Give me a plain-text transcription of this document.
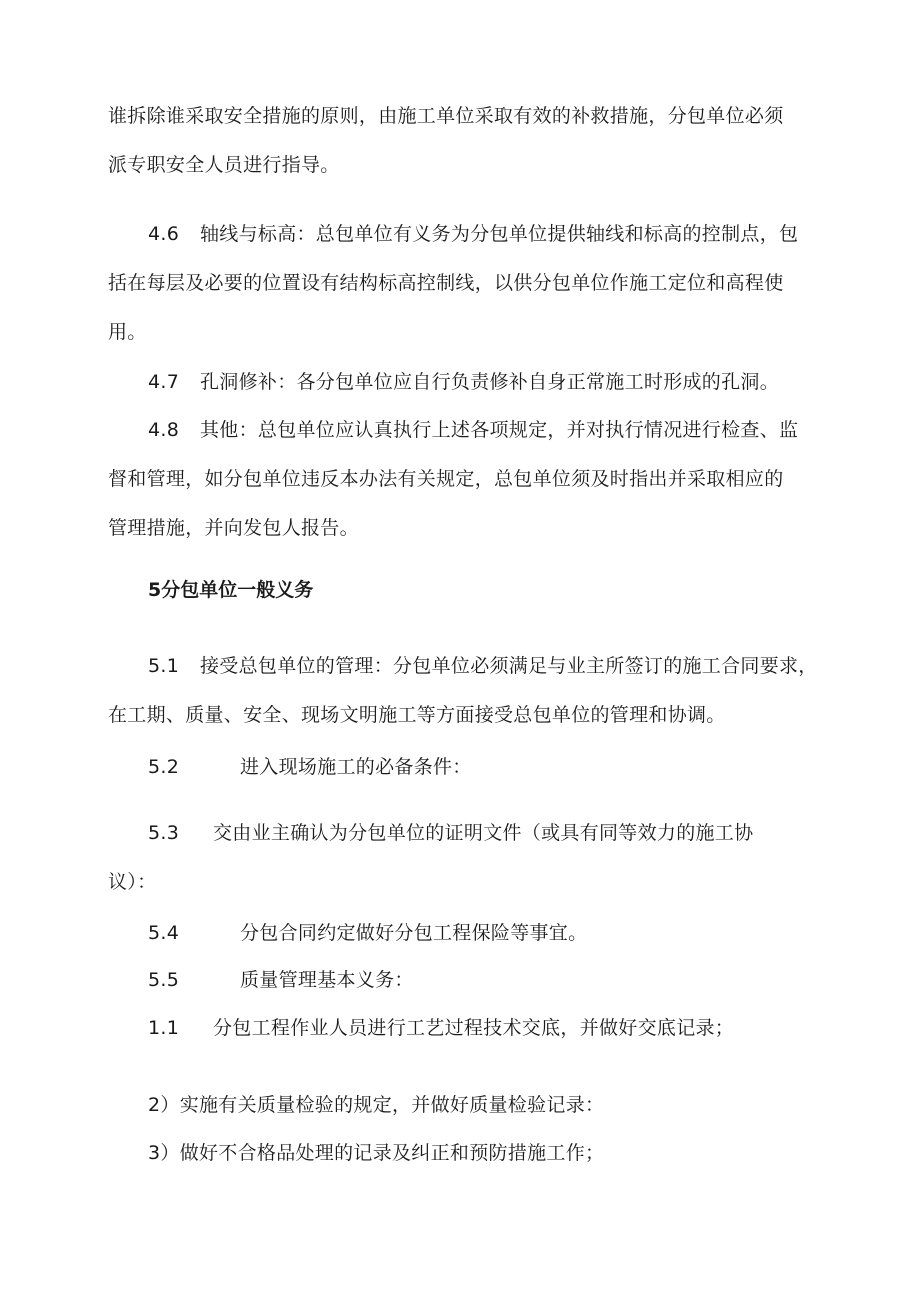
谁拆除谁采取安全措施的原则，由施工单位采取有效的补救措施，分包单位必须
派专职安全人员进行指导。
4.6 轴线与标高：总包单位有义务为分包单位提供轴线和标高的控制点，包
括在每层及必要的位置设有结构标高控制线，以供分包单位作施工定位和高程使
用。
4.7 孔洞修补：各分包单位应自行负责修补自身正常施工时形成的孔洞。
4.8 其他：总包单位应认真执行上述各项规定，并对执行情况进行检查、监
督和管理，如分包单位违反本办法有关规定，总包单位须及时指出并采取相应的
管理措施，并向发包人报告。
5分包单位一般义务
5.1 接受总包单位的管理：分包单位必须满足与业主所签订的施工合同要求，
在工期、质量、安全、现场文明施工等方面接受总包单位的管理和协调。
5.2	进入现场施工的必备条件：
5.3 交由业主确认为分包单位的证明文件（或具有同等效力的施工协
议）：
5.4	分包合同约定做好分包工程保险等事宜。
5.5	质量管理基本义务：
1.1 分包工程作业人员进行工艺过程技术交底，并做好交底记录；
2）实施有关质量检验的规定，并做好质量检验记录：
3）做好不合格品处理的记录及纠正和预防措施工作；
